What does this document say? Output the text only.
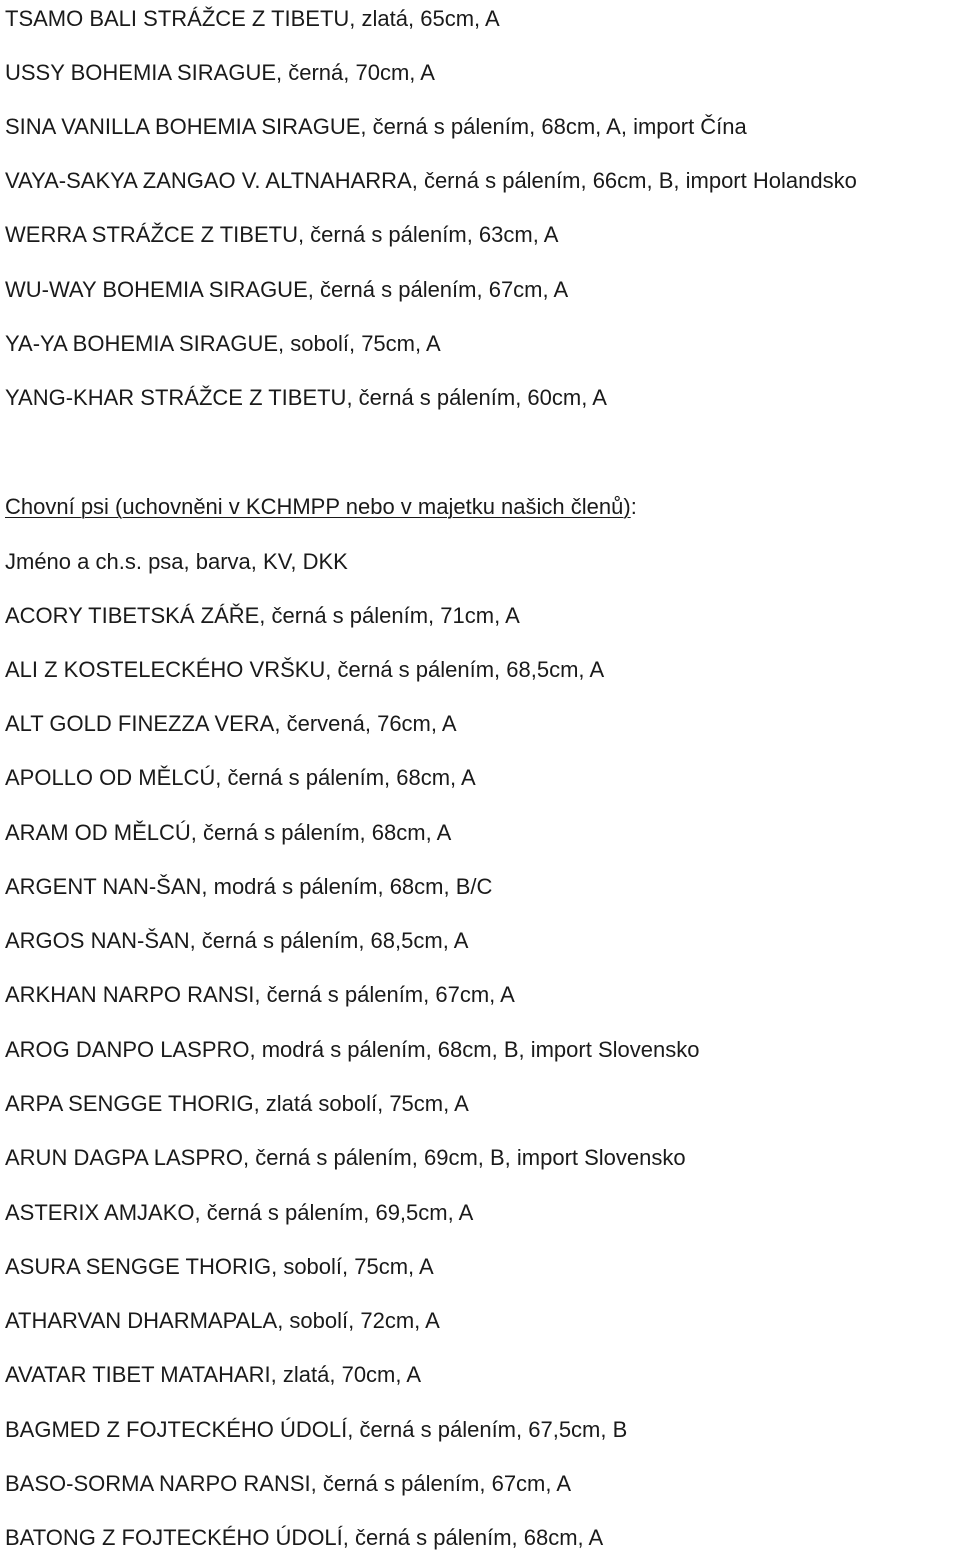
TSAMO BALI STRÁŽCE Z TIBETU, zlatá, 65cm, A
USSY BOHEMIA SIRAGUE, černá, 70cm, A
SINA VANILLA BOHEMIA SIRAGUE, černá s pálením, 68cm, A, import Čína
VAYA-SAKYA ZANGAO V. ALTNAHARRA, černá s pálením, 66cm, B, import Holandsko
WERRA STRÁŽCE Z TIBETU, černá s pálením, 63cm, A
WU-WAY BOHEMIA SIRAGUE, černá s pálením, 67cm, A
YA-YA BOHEMIA SIRAGUE, sobolí, 75cm, A
YANG-KHAR STRÁŽCE Z TIBETU, černá s pálením, 60cm, A
Chovní psi (uchovněni v KCHMPP nebo v majetku našich členů):
Jméno a ch.s. psa, barva, KV, DKK
ACORY TIBETSKÁ ZÁŘE, černá s pálením, 71cm, A
ALI Z KOSTELECKÉHO VRŠKU, černá s pálením, 68,5cm, A
ALT GOLD FINEZZA VERA, červená, 76cm, A
APOLLO OD MĚLCÚ, černá s pálením, 68cm, A
ARAM OD MĚLCÚ, černá s pálením, 68cm, A
ARGENT NAN-ŠAN, modrá s pálením, 68cm, B/C
ARGOS NAN-ŠAN, černá s pálením, 68,5cm, A
ARKHAN NARPO RANSI, černá s pálením, 67cm, A
AROG DANPO LASPRO, modrá s pálením, 68cm, B, import Slovensko
ARPA SENGGE THORIG, zlatá sobolí, 75cm, A
ARUN DAGPA LASPRO, černá s pálením, 69cm, B, import Slovensko
ASTERIX AMJAKO, černá s pálením, 69,5cm, A
ASURA SENGGE THORIG, sobolí, 75cm, A
ATHARVAN DHARMAPALA, sobolí, 72cm, A
AVATAR TIBET MATAHARI, zlatá, 70cm, A
BAGMED Z FOJTECKÉHO ÚDOLÍ, černá s pálením, 67,5cm, B
BASO-SORMA NARPO RANSI, černá s pálením, 67cm, A
BATONG Z FOJTECKÉHO ÚDOLÍ, černá s pálením, 68cm, A
